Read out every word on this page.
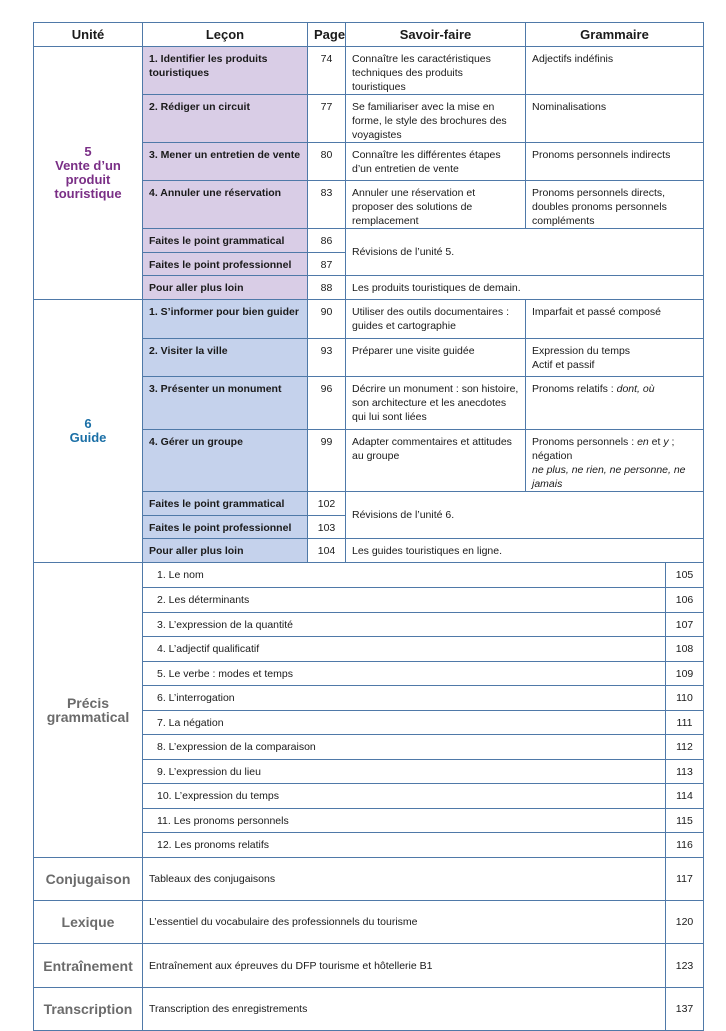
Unité	Leçon	Page	Savoir-faire	Grammaire	

5
Vente d’un produit touristique	1. Identifier les produits touristiques	74	Connaître les caractéristiques techniques des produits touristiques	Adjectifs indéfinis	
	2. Rédiger un circuit	77	Se familiariser avec la mise en forme, le style des brochures des voyagistes	Nominalisations	
	3. Mener un entretien de vente	80	Connaître les différentes étapes d’un entretien de vente	Pronoms personnels indirects	
	4. Annuler une réservation	83	Annuler une réservation et proposer des solutions de remplacement	Pronoms personnels directs, doubles pronoms personnels compléments	
	Faites le point grammatical	86	Révisions de l’unité 5.		
	Faites le point professionnel	87			
	Pour aller plus loin	88	Les produits touristiques de demain.		

6
Guide	1. S’informer pour bien guider	90	Utiliser des outils documentaires : guides et cartographie	Imparfait et passé composé	
	2. Visiter la ville	93	Préparer une visite guidée	Expression du temps
Actif et passif	

	3. Présenter un monument	96	Décrire un monument : son histoire, son architecture et les anecdotes qui lui sont liées	Pronoms relatifs : dont, où	
	4. Gérer un groupe	99	Adapter commentaires et attitudes au groupe	Pronoms personnels : en et y ; négation
ne plus, ne rien, ne personne, ne jamais	

	Faites le point grammatical	102	Révisions de l’unité 6.		
	Faites le point professionnel	103			
	Pour aller plus loin	104	Les guides touristiques en ligne.		

Précis
grammatical	1. Le nom				105
	2. Les déterminants				106
	3. L’expression de la quantité				107
	4. L’adjectif qualificatif				108
	5. Le verbe : modes et temps				109
	6. L’interrogation				110
	7. La négation				111
	8. L’expression de la comparaison				112
	9. L’expression du lieu				113
	10. L’expression du temps				114
	11. Les pronoms personnels				115
	12. Les pronoms relatifs				116
Conjugaison	Tableaux des conjugaisons				117
Lexique	L’essentiel du vocabulaire des professionnels du tourisme				120
Entraînement	Entraînement aux épreuves du DFP tourisme et hôtellerie B1				123
Transcription	Transcription des enregistrements				137
